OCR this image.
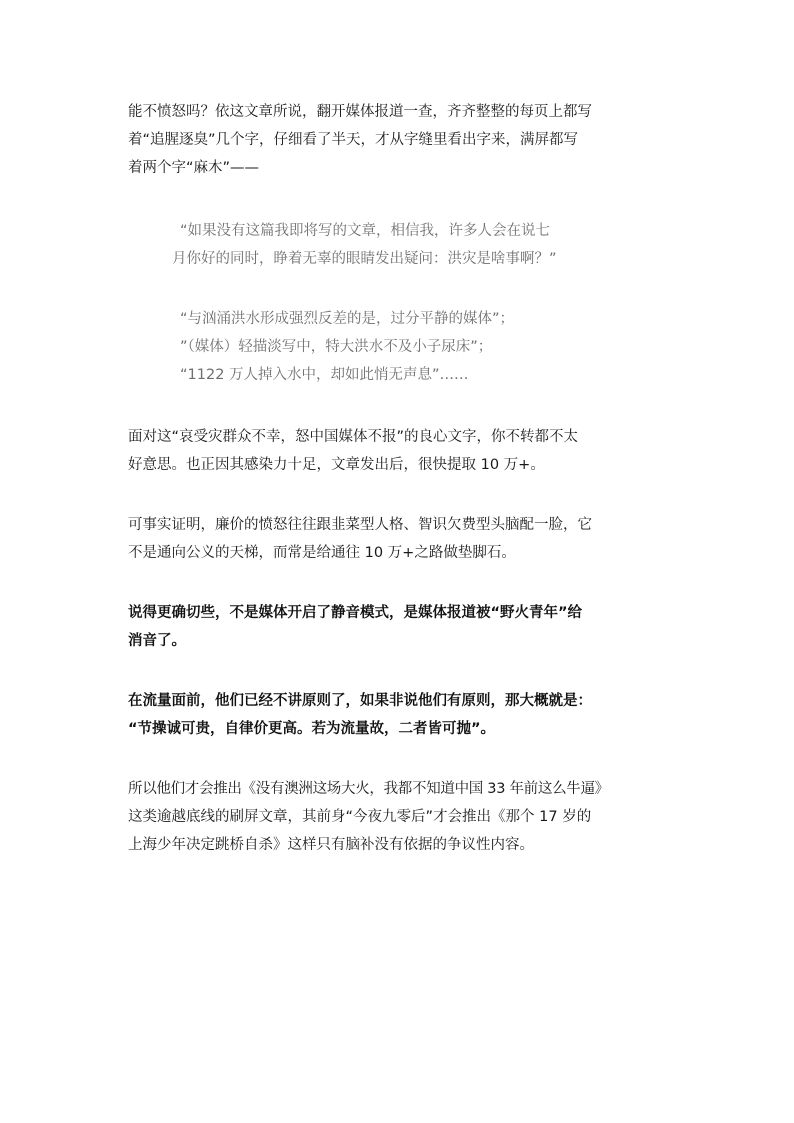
能不愤怒吗？依这文章所说，翻开媒体报道一查，齐齐整整的每页上都写
着“追腥逐臭”几个字，仔细看了半天，才从字缝里看出字来，满屏都写
着两个字“麻木”——

“如果没有这篇我即将写的文章，相信我，许多人会在说七
月你好的同时，睁着无辜的眼睛发出疑问：洪灾是啥事啊？”

“与汹涌洪水形成强烈反差的是，过分平静的媒体”；
”（媒体）轻描淡写中，特大洪水不及小子尿床”；
“1122 万人掉入水中，却如此悄无声息”……

面对这“哀受灾群众不幸，怒中国媒体不报”的良心文字，你不转都不太
好意思。也正因其感染力十足，文章发出后，很快提取 10 万+。

可事实证明，廉价的愤怒往往跟韭菜型人格、智识欠费型头脑配一脸，它
不是通向公义的天梯，而常是给通往 10 万+之路做垫脚石。

说得更确切些，不是媒体开启了静音模式，是媒体报道被“野火青年”给
消音了。

在流量面前，他们已经不讲原则了，如果非说他们有原则，那大概就是：
“节操诚可贵，自律价更高。若为流量故，二者皆可抛”。

所以他们才会推出《没有澳洲这场大火，我都不知道中国 33 年前这么牛逼》
这类逾越底线的刷屏文章，其前身“今夜九零后”才会推出《那个 17 岁的
上海少年决定跳桥自杀》这样只有脑补没有依据的争议性内容。
